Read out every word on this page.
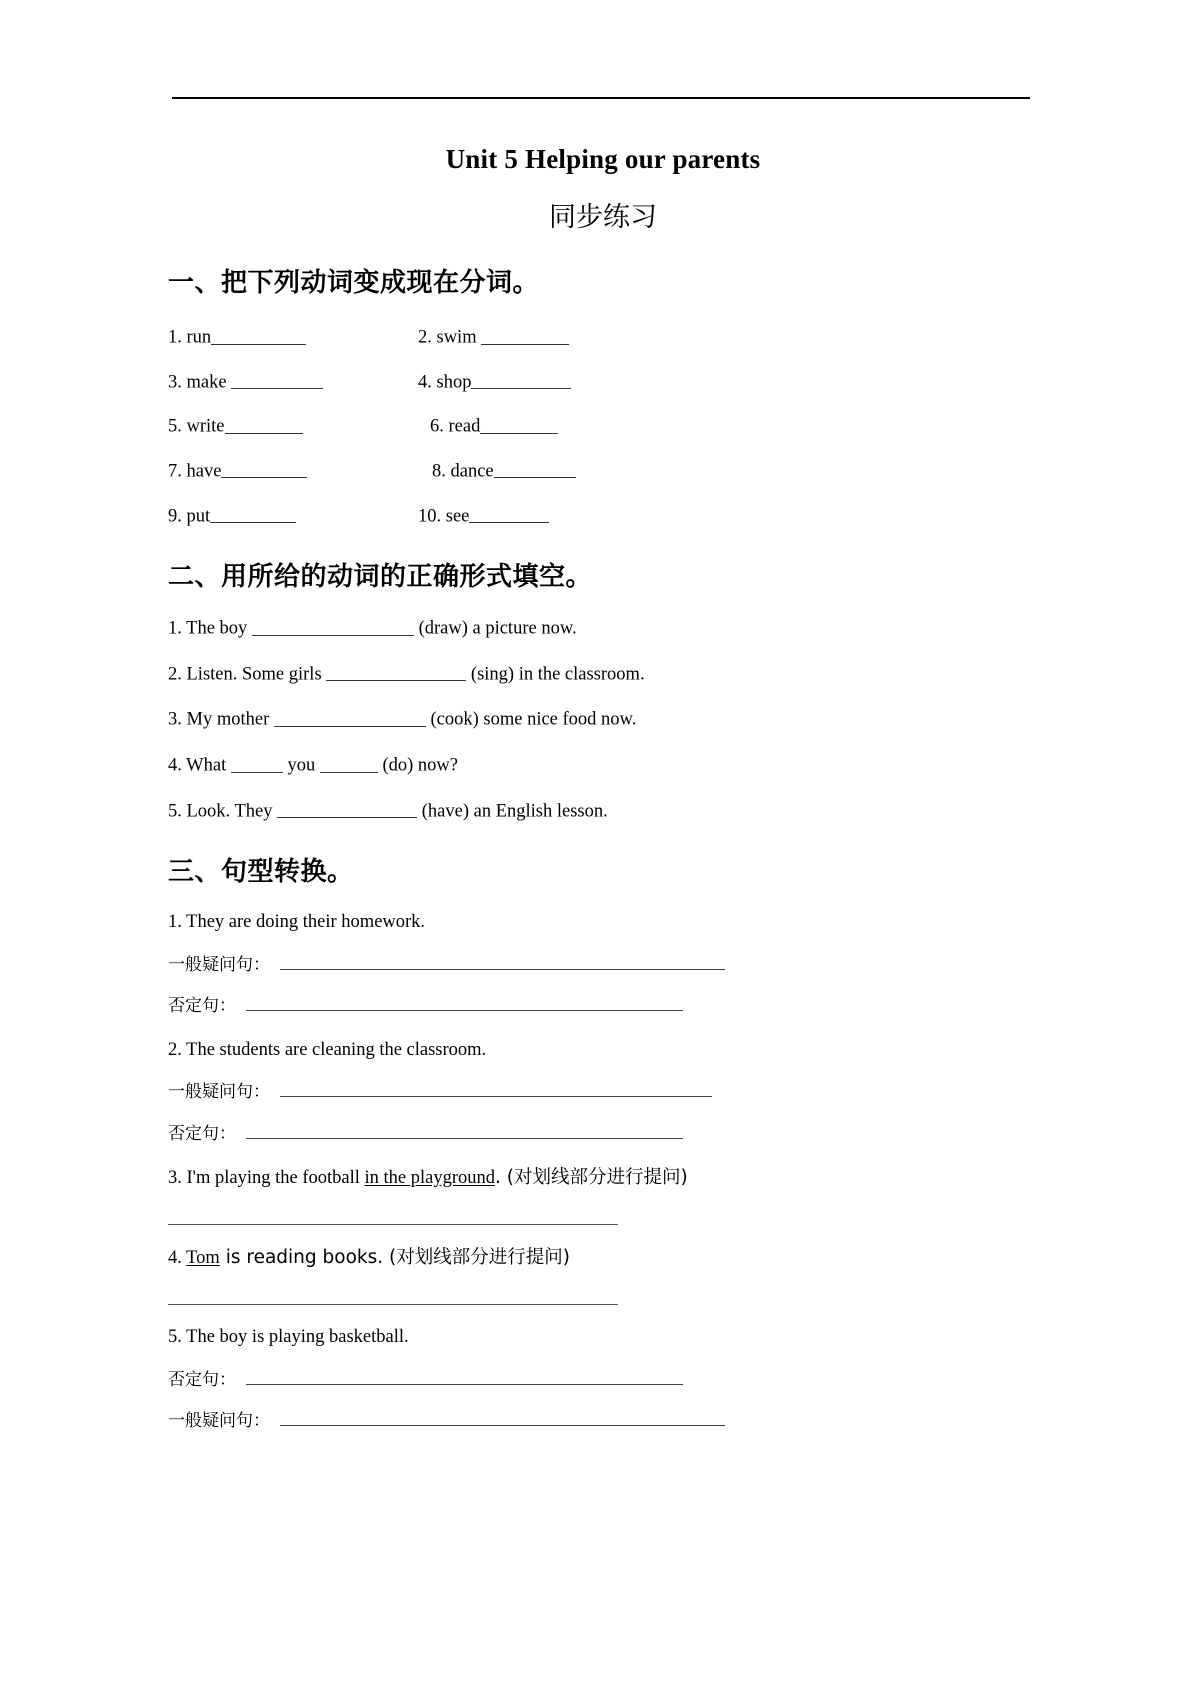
Unit 5 Helping our parents
同步练习
一、把下列动词变成现在分词。
1. run	2. swim
3. make	4. shop
5. write	6. read
7. have	8. dance
9. put	10. see
二、用所给的动词的正确形式填空。
1. The boy	(draw) a picture now.
2. Listen. Some girls	(sing) in the classroom.
3. My mother	(cook) some nice food now.
4. What	you	(do) now?
5. Look. They	(have) an English lesson.
三、句型转换。
1. They are doing their homework.
一般疑问句：
否定句：
2. The students are cleaning the classroom.
一般疑问句：
否定句：
3. I'm playing the football in the playground. (对划线部分进行提问)
4. Tom is reading books. (对划线部分进行提问)
5. The boy is playing basketball.
否定句：
一般疑问句：
